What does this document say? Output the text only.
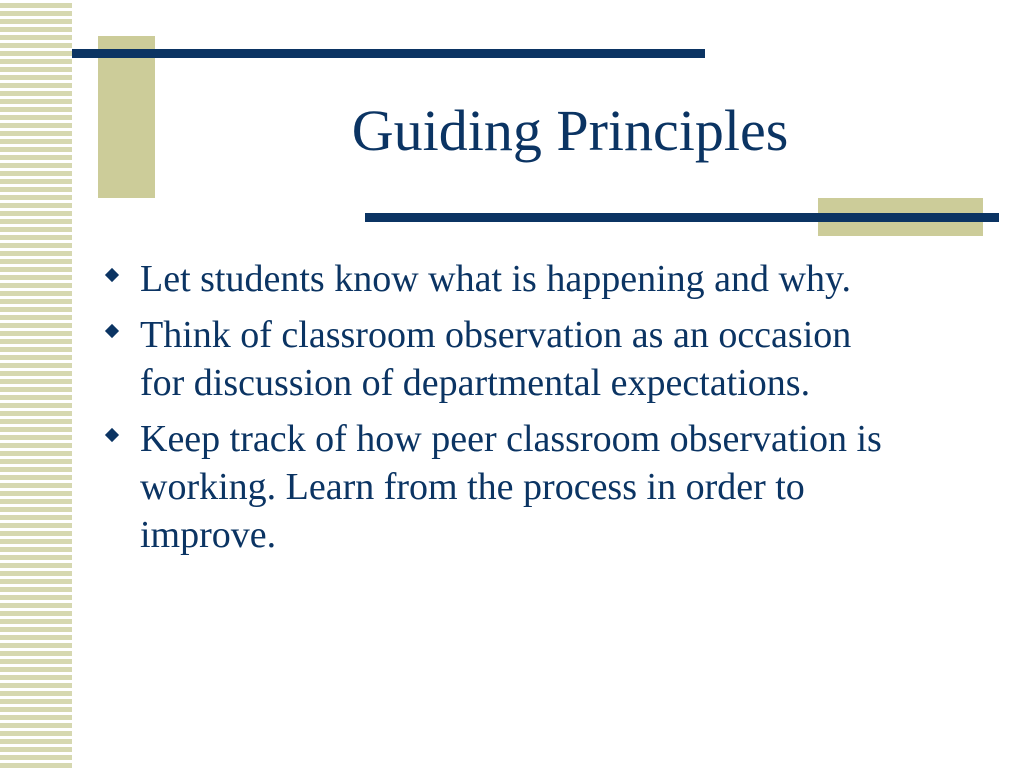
Guiding Principles
Let students know what is happening and why.
Think of classroom observation as an occasion for discussion of departmental expectations.
Keep track of how peer classroom observation is working. Learn from the process in order to improve.
